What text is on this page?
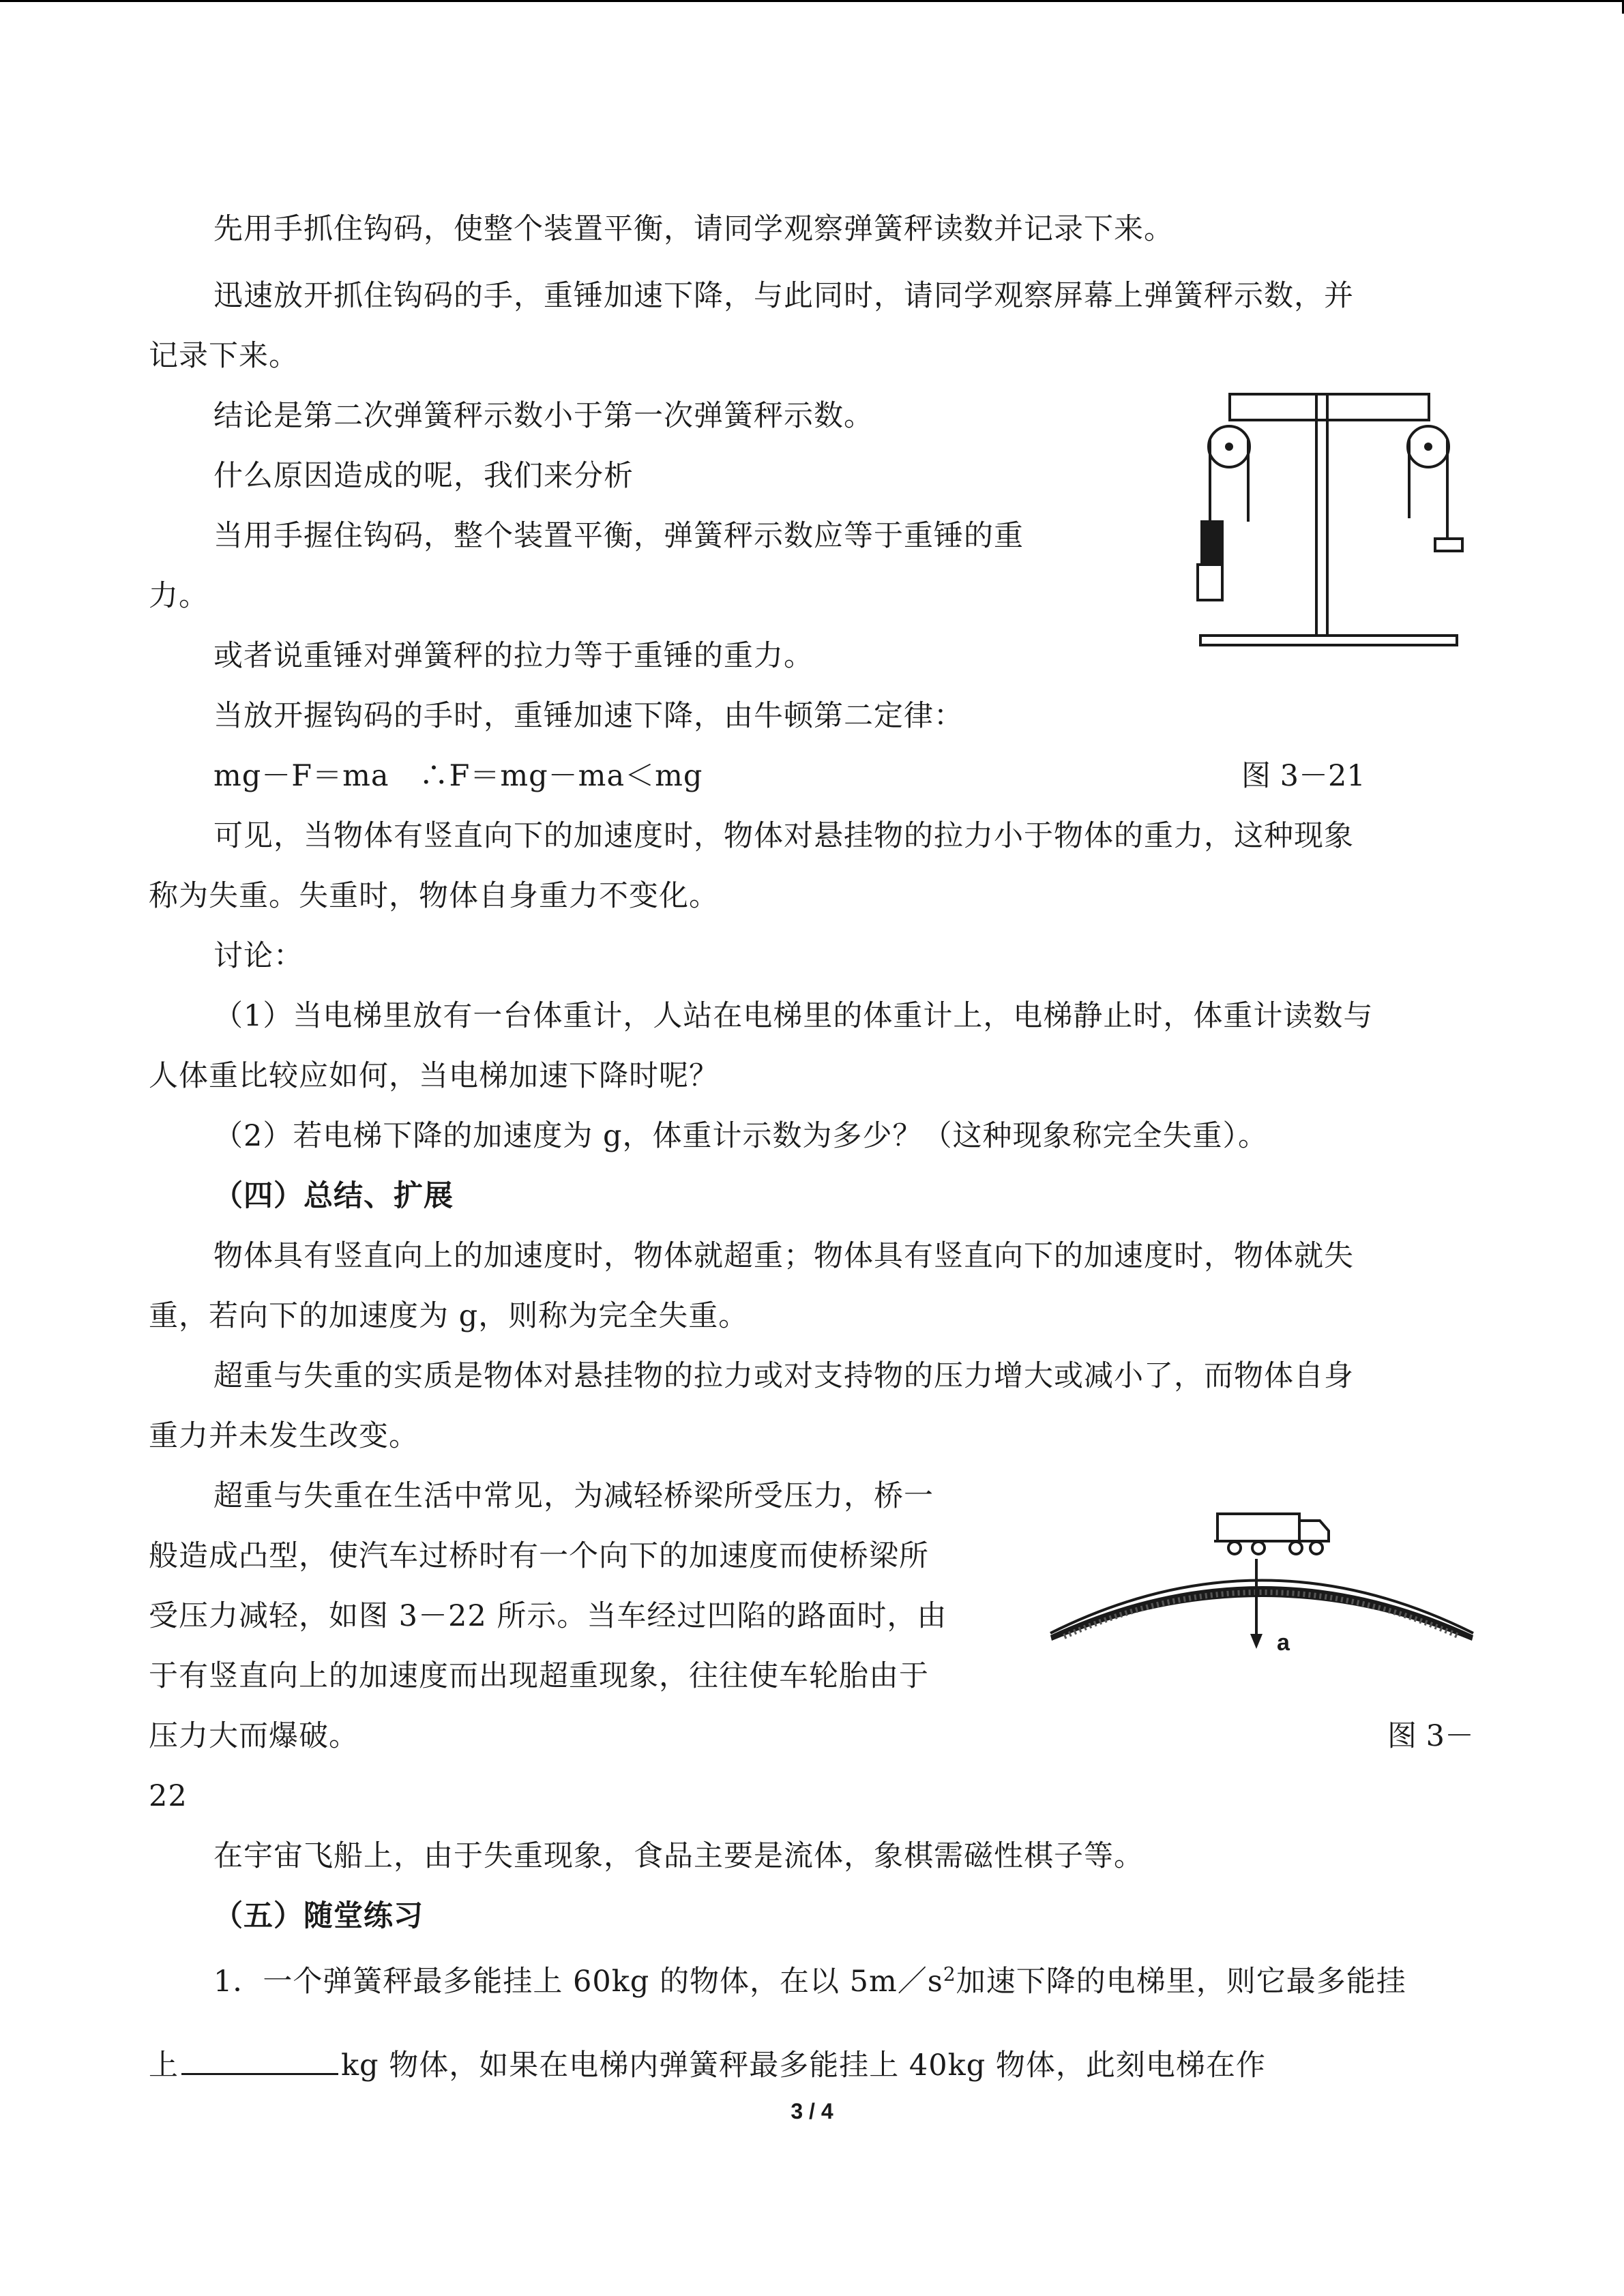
先用手抓住钩码，使整个装置平衡，请同学观察弹簧秤读数并记录下来。
迅速放开抓住钩码的手，重锤加速下降，与此同时，请同学观察屏幕上弹簧秤示数，并
记录下来。
结论是第二次弹簧秤示数小于第一次弹簧秤示数。
什么原因造成的呢，我们来分析
当用手握住钩码，整个装置平衡，弹簧秤示数应等于重锤的重
力。
或者说重锤对弹簧秤的拉力等于重锤的重力。
当放开握钩码的手时，重锤加速下降，由牛顿第二定律：
mg－F＝ma　∴F＝mg－ma＜mg	图 3－21
可见，当物体有竖直向下的加速度时，物体对悬挂物的拉力小于物体的重力，这种现象
称为失重。失重时，物体自身重力不变化。
讨论：
（1）当电梯里放有一台体重计，人站在电梯里的体重计上，电梯静止时，体重计读数与
人体重比较应如何，当电梯加速下降时呢？
（2）若电梯下降的加速度为 g，体重计示数为多少？（这种现象称完全失重）。
（四）总结、扩展
物体具有竖直向上的加速度时，物体就超重；物体具有竖直向下的加速度时，物体就失
重，若向下的加速度为 g，则称为完全失重。
超重与失重的实质是物体对悬挂物的拉力或对支持物的压力增大或减小了，而物体自身
重力并未发生改变。
超重与失重在生活中常见，为减轻桥梁所受压力，桥一
般造成凸型，使汽车过桥时有一个向下的加速度而使桥梁所
受压力减轻，如图 3－22 所示。当车经过凹陷的路面时，由
于有竖直向上的加速度而出现超重现象，往往使车轮胎由于
压力大而爆破。	图 3－
22
a
在宇宙飞船上，由于失重现象，食品主要是流体，象棋需磁性棋子等。
（五）随堂练习
1．一个弹簧秤最多能挂上 60kg 的物体，在以 $5m/s^2$加速下降的电梯里，则它最多能挂
上	kg 物体，如果在电梯内弹簧秤最多能挂上 40kg 物体，此刻电梯在作
3 / 4
